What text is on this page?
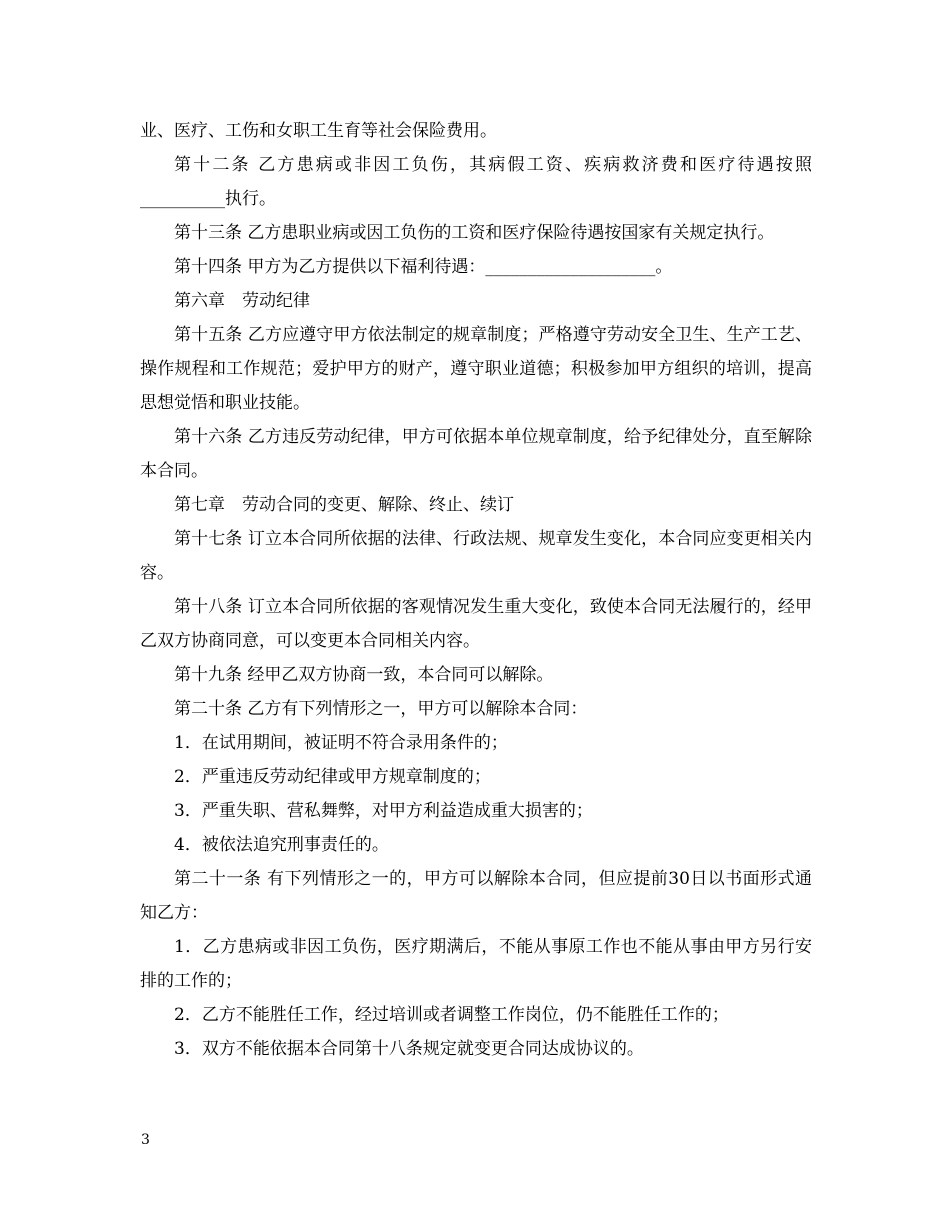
业、医疗、工伤和女职工生育等社会保险费用。

第十二条 乙方患病或非因工负伤，其病假工资、疾病救济费和医疗待遇按照__________执行。

第十三条 乙方患职业病或因工负伤的工资和医疗保险待遇按国家有关规定执行。

第十四条 甲方为乙方提供以下福利待遇：____________________。

第六章　劳动纪律

第十五条 乙方应遵守甲方依法制定的规章制度；严格遵守劳动安全卫生、生产工艺、操作规程和工作规范；爱护甲方的财产，遵守职业道德；积极参加甲方组织的培训，提高思想觉悟和职业技能。

第十六条 乙方违反劳动纪律，甲方可依据本单位规章制度，给予纪律处分，直至解除本合同。

第七章　劳动合同的变更、解除、终止、续订

第十七条 订立本合同所依据的法律、行政法规、规章发生变化，本合同应变更相关内容。

第十八条 订立本合同所依据的客观情况发生重大变化，致使本合同无法履行的，经甲乙双方协商同意，可以变更本合同相关内容。

第十九条 经甲乙双方协商一致，本合同可以解除。

第二十条 乙方有下列情形之一，甲方可以解除本合同：

1．在试用期间，被证明不符合录用条件的；

2．严重违反劳动纪律或甲方规章制度的；

3．严重失职、营私舞弊，对甲方利益造成重大损害的；

4．被依法追究刑事责任的。

第二十一条 有下列情形之一的，甲方可以解除本合同，但应提前30日以书面形式通知乙方：

1．乙方患病或非因工负伤，医疗期满后，不能从事原工作也不能从事由甲方另行安排的工作的；

2．乙方不能胜任工作，经过培训或者调整工作岗位，仍不能胜任工作的；

3．双方不能依据本合同第十八条规定就变更合同达成协议的。

3
